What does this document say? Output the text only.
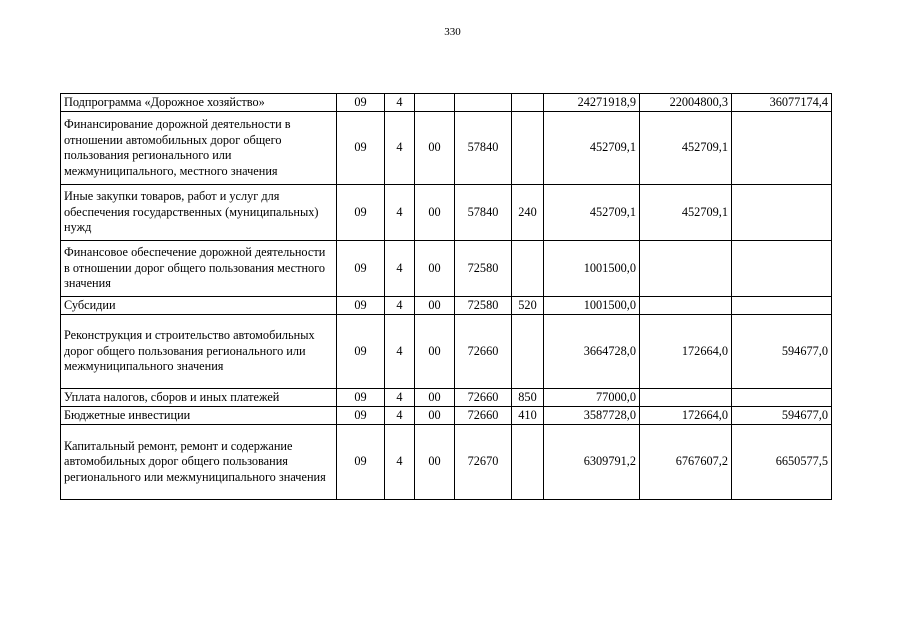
330
Подпрограмма «Дорожное хозяйство»	09	4				24271918,9	22004800,3	36077174,4
Финансирование дорожной деятельности в отношении автомобильных дорог общего пользования регионального или межмуниципального, местного значения	09	4	00	57840		452709,1	452709,1	
Иные закупки товаров, работ и услуг для обеспечения государственных (муниципальных) нужд	09	4	00	57840	240	452709,1	452709,1	
Финансовое обеспечение дорожной деятельности в отношении дорог общего пользования местного значения	09	4	00	72580		1001500,0		
Субсидии	09	4	00	72580	520	1001500,0		
Реконструкция и строительство автомобильных дорог общего пользования регионального или межмуниципального значения	09	4	00	72660		3664728,0	172664,0	594677,0
Уплата налогов, сборов и иных платежей	09	4	00	72660	850	77000,0		
Бюджетные инвестиции	09	4	00	72660	410	3587728,0	172664,0	594677,0
Капитальный ремонт, ремонт и содержание автомобильных дорог общего пользования регионального или межмуниципального значения	09	4	00	72670		6309791,2	6767607,2	6650577,5
